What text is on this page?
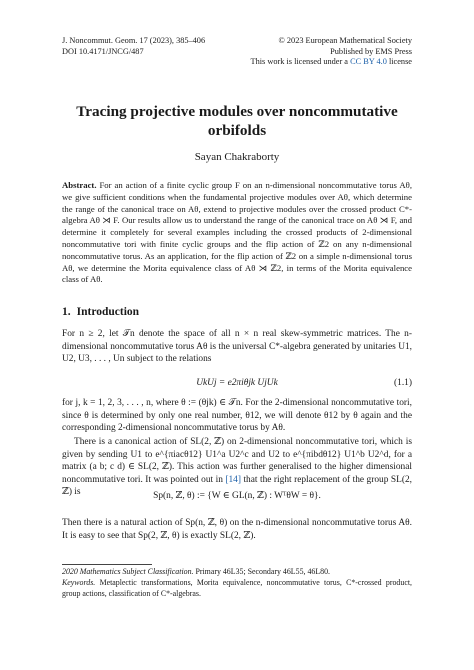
J. Noncommut. Geom. 17 (2023), 385–406
DOI 10.4171/JNCG/487
© 2023 European Mathematical Society
Published by EMS Press
This work is licensed under a CC BY 4.0 license
Tracing projective modules over noncommutative
orbifolds
Sayan Chakraborty
Abstract. For an action of a finite cyclic group F on an n-dimensional noncommutative torus Aθ, we give sufficient conditions when the fundamental projective modules over Aθ, which determine the range of the canonical trace on Aθ, extend to projective modules over the crossed product C*-algebra Aθ ⋊ F. Our results allow us to understand the range of the canonical trace on Aθ ⋊ F, and determine it completely for several examples including the crossed products of 2-dimensional noncommutative tori with finite cyclic groups and the flip action of ℤ2 on any n-dimensional noncommutative torus. As an application, for the flip action of ℤ2 on a simple n-dimensional torus Aθ, we determine the Morita equivalence class of Aθ ⋊ ℤ2, in terms of the Morita equivalence class of Aθ.
1. Introduction
For n ≥ 2, let 𝒯n denote the space of all n × n real skew-symmetric matrices. The n-dimensional noncommutative torus Aθ is the universal C*-algebra generated by unitaries U1, U2, U3, . . . , Un subject to the relations
UkUj = e2πiθjk UjUk	(1.1)
for j, k = 1, 2, 3, . . . , n, where θ := (θjk) ∈ 𝒯n. For the 2-dimensional noncommutative tori, since θ is determined by only one real number, θ12, we will denote θ12 by θ again and the corresponding 2-dimensional noncommutative torus by Aθ.
There is a canonical action of SL(2, ℤ) on 2-dimensional noncommutative tori, which is given by sending U1 to e^{πiacθ12} U1^a U2^c and U2 to e^{πibdθ12} U1^b U2^d, for a matrix (a b; c d) ∈ SL(2, ℤ). This action was further generalised to the higher dimensional noncommutative tori. It was pointed out in [14] that the right replacement of the group SL(2, ℤ) is	Sp(n, ℤ, θ) := {W ∈ GL(n, ℤ) : WᵀθW = θ}.
Then there is a natural action of Sp(n, ℤ, θ) on the n-dimensional noncommutative torus Aθ. It is easy to see that Sp(2, ℤ, θ) is exactly SL(2, ℤ).
2020 Mathematics Subject Classification. Primary 46L35; Secondary 46L55, 46L80.
Keywords. Metaplectic transformations, Morita equivalence, noncommutative torus, C*-crossed product, group actions, classification of C*-algebras.
